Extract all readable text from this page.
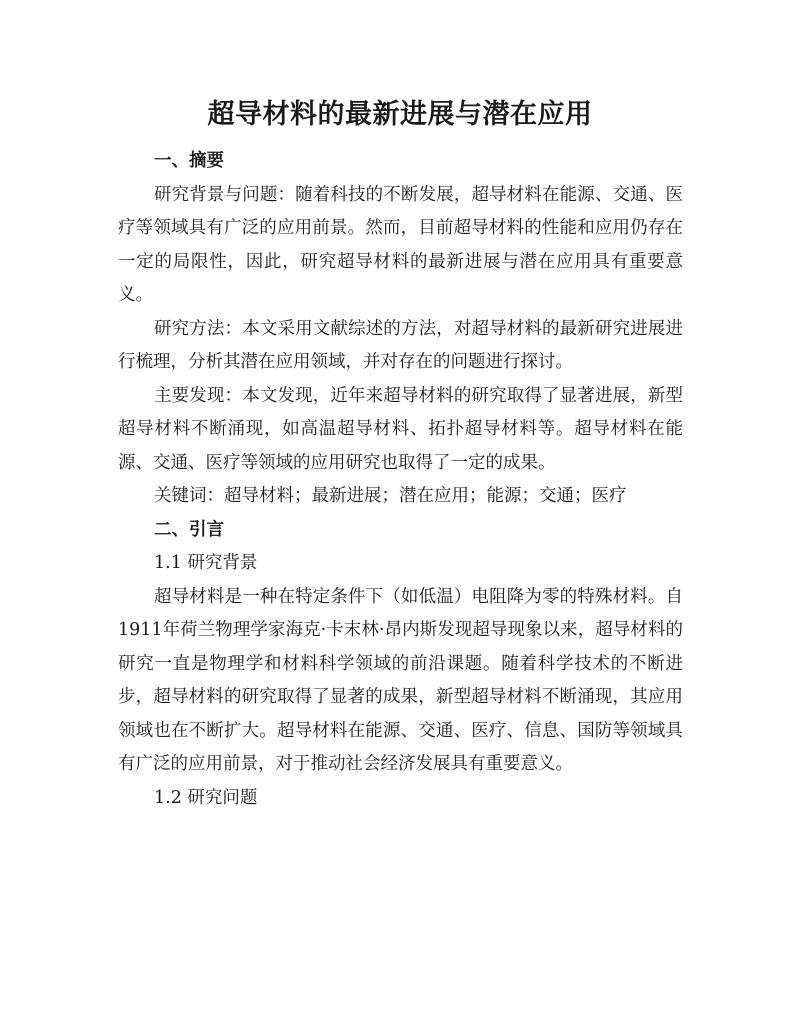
超导材料的最新进展与潜在应用

一、摘要

研究背景与问题：随着科技的不断发展，超导材料在能源、交通、医疗等领域具有广泛的应用前景。然而，目前超导材料的性能和应用仍存在一定的局限性，因此，研究超导材料的最新进展与潜在应用具有重要意义。

研究方法：本文采用文献综述的方法，对超导材料的最新研究进展进行梳理，分析其潜在应用领域，并对存在的问题进行探讨。

主要发现：本文发现，近年来超导材料的研究取得了显著进展，新型超导材料不断涌现，如高温超导材料、拓扑超导材料等。超导材料在能源、交通、医疗等领域的应用研究也取得了一定的成果。

关键词：超导材料；最新进展；潜在应用；能源；交通；医疗

二、引言

1.1 研究背景

超导材料是一种在特定条件下（如低温）电阻降为零的特殊材料。自1911年荷兰物理学家海克·卡末林·昂内斯发现超导现象以来，超导材料的研究一直是物理学和材料科学领域的前沿课题。随着科学技术的不断进步，超导材料的研究取得了显著的成果，新型超导材料不断涌现，其应用领域也在不断扩大。超导材料在能源、交通、医疗、信息、国防等领域具有广泛的应用前景，对于推动社会经济发展具有重要意义。

1.2 研究问题
